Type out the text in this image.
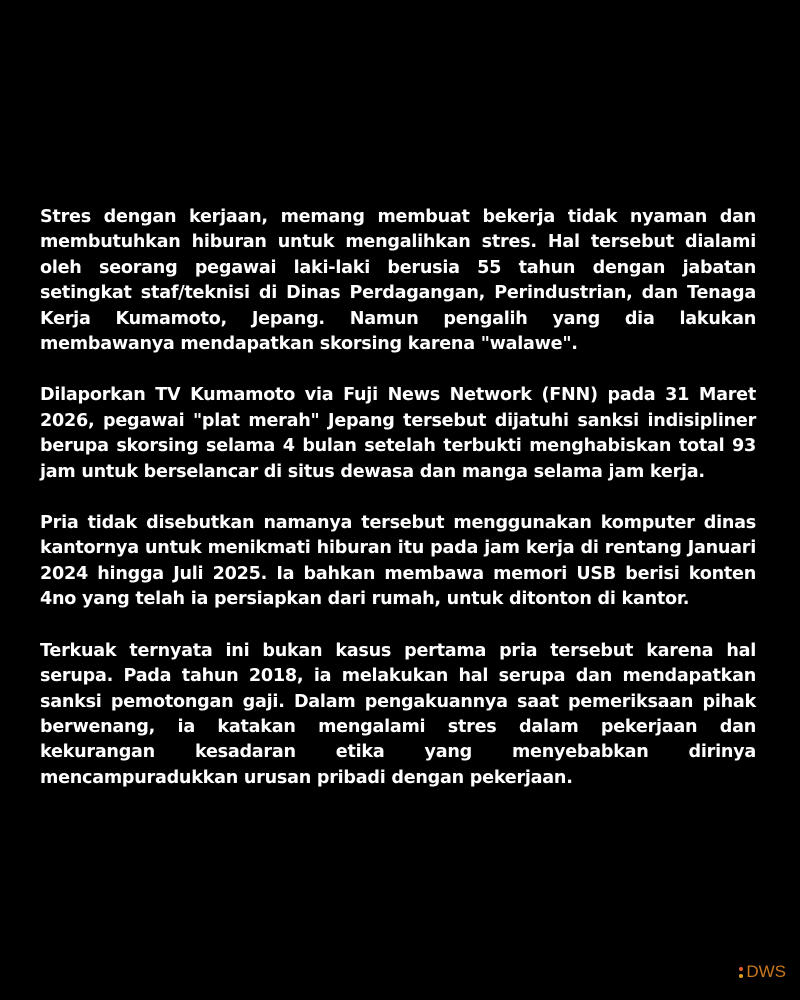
Stres dengan kerjaan, memang membuat bekerja tidak nyaman dan membutuhkan hiburan untuk mengalihkan stres. Hal tersebut dialami oleh seorang pegawai laki-laki berusia 55 tahun dengan jabatan setingkat staf/teknisi di Dinas Perdagangan, Perindustrian, dan Tenaga Kerja Kumamoto, Jepang. Namun pengalih yang dia lakukan membawanya mendapatkan skorsing karena "walawe".

Dilaporkan TV Kumamoto via Fuji News Network (FNN) pada 31 Maret 2026, pegawai "plat merah" Jepang tersebut dijatuhi sanksi indisipliner berupa skorsing selama 4 bulan setelah terbukti menghabiskan total 93 jam untuk berselancar di situs dewasa dan manga selama jam kerja.

Pria tidak disebutkan namanya tersebut menggunakan komputer dinas kantornya untuk menikmati hiburan itu pada jam kerja di rentang Januari 2024 hingga Juli 2025. Ia bahkan membawa memori USB berisi konten 4no yang telah ia persiapkan dari rumah, untuk ditonton di kantor.

Terkuak ternyata ini bukan kasus pertama pria tersebut karena hal serupa. Pada tahun 2018, ia melakukan hal serupa dan mendapatkan sanksi pemotongan gaji. Dalam pengakuannya saat pemeriksaan pihak berwenang, ia katakan mengalami stres dalam pekerjaan dan kekurangan kesadaran etika yang menyebabkan dirinya mencampuradukkan urusan pribadi dengan pekerjaan.

DWS
